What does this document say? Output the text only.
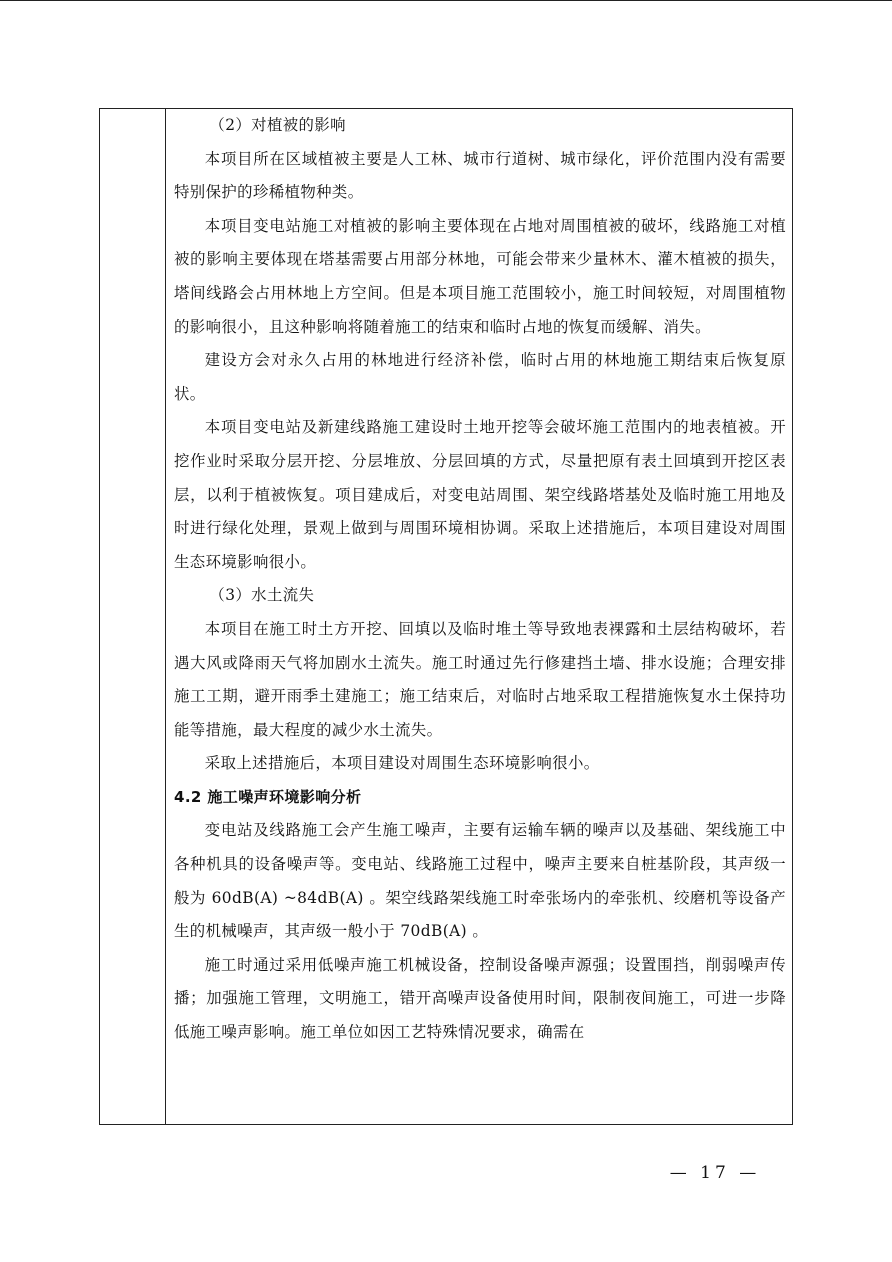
（2）对植被的影响

本项目所在区域植被主要是人工林、城市行道树、城市绿化，评价范围内没有需要特别保护的珍稀植物种类。

本项目变电站施工对植被的影响主要体现在占地对周围植被的破坏，线路施工对植被的影响主要体现在塔基需要占用部分林地，可能会带来少量林木、灌木植被的损失，塔间线路会占用林地上方空间。但是本项目施工范围较小，施工时间较短，对周围植物的影响很小，且这种影响将随着施工的结束和临时占地的恢复而缓解、消失。

建设方会对永久占用的林地进行经济补偿，临时占用的林地施工期结束后恢复原状。

本项目变电站及新建线路施工建设时土地开挖等会破坏施工范围内的地表植被。开挖作业时采取分层开挖、分层堆放、分层回填的方式，尽量把原有表土回填到开挖区表层，以利于植被恢复。项目建成后，对变电站周围、架空线路塔基处及临时施工用地及时进行绿化处理，景观上做到与周围环境相协调。采取上述措施后，本项目建设对周围生态环境影响很小。

（3）水土流失

本项目在施工时土方开挖、回填以及临时堆土等导致地表裸露和土层结构破坏，若遇大风或降雨天气将加剧水土流失。施工时通过先行修建挡土墙、排水设施；合理安排施工工期，避开雨季土建施工；施工结束后，对临时占地采取工程措施恢复水土保持功能等措施，最大程度的减少水土流失。

采取上述措施后，本项目建设对周围生态环境影响很小。

4.2 施工噪声环境影响分析

变电站及线路施工会产生施工噪声，主要有运输车辆的噪声以及基础、架线施工中各种机具的设备噪声等。变电站、线路施工过程中，噪声主要来自桩基阶段，其声级一般为 60dB(A) ~84dB(A) 。架空线路架线施工时牵张场内的牵张机、绞磨机等设备产生的机械噪声，其声级一般小于 70dB(A) 。

施工时通过采用低噪声施工机械设备，控制设备噪声源强；设置围挡，削弱噪声传播；加强施工管理，文明施工，错开高噪声设备使用时间，限制夜间施工，可进一步降低施工噪声影响。施工单位如因工艺特殊情况要求，确需在

— 17 —
